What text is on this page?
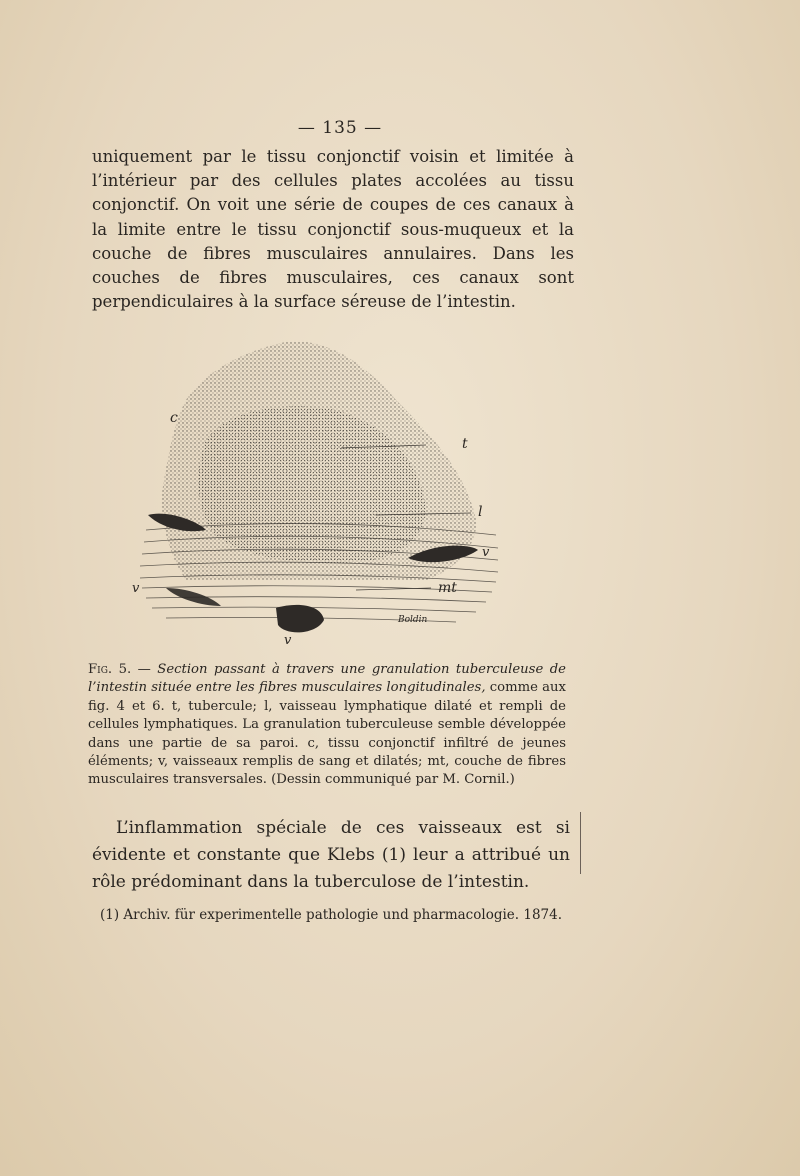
— 135 —

uniquement par le tissu conjonctif voisin et limitée à l’intérieur par des cellules plates accolées au tissu conjonctif. On voit une série de coupes de ces canaux à la limite entre le tissu conjonctif sous-muqueux et la couche de fibres musculaires annulaires. Dans les couches de fibres musculaires, ces canaux sont perpendiculaires à la surface séreuse de l’intestin.

c
t
l
v
v	mt
v
Boldin

Fig. 5. — Section passant à travers une granulation tuberculeuse de l’intestin située entre les fibres musculaires longitudinales, comme aux fig. 4 et 6. t, tubercule; l, vaisseau lymphatique dilaté et rempli de cellules lymphatiques. La granulation tuberculeuse semble développée dans une partie de sa paroi. c, tissu conjonctif infiltré de jeunes éléments; v, vaisseaux remplis de sang et dilatés; mt, couche de fibres musculaires transversales. (Dessin communiqué par M. Cornil.)

L’inflammation spéciale de ces vaisseaux est si évidente et constante que Klebs (1) leur a attribué un rôle prédominant dans la tuberculose de l’intestin.

(1) Archiv. für experimentelle pathologie und pharmacologie. 1874.
